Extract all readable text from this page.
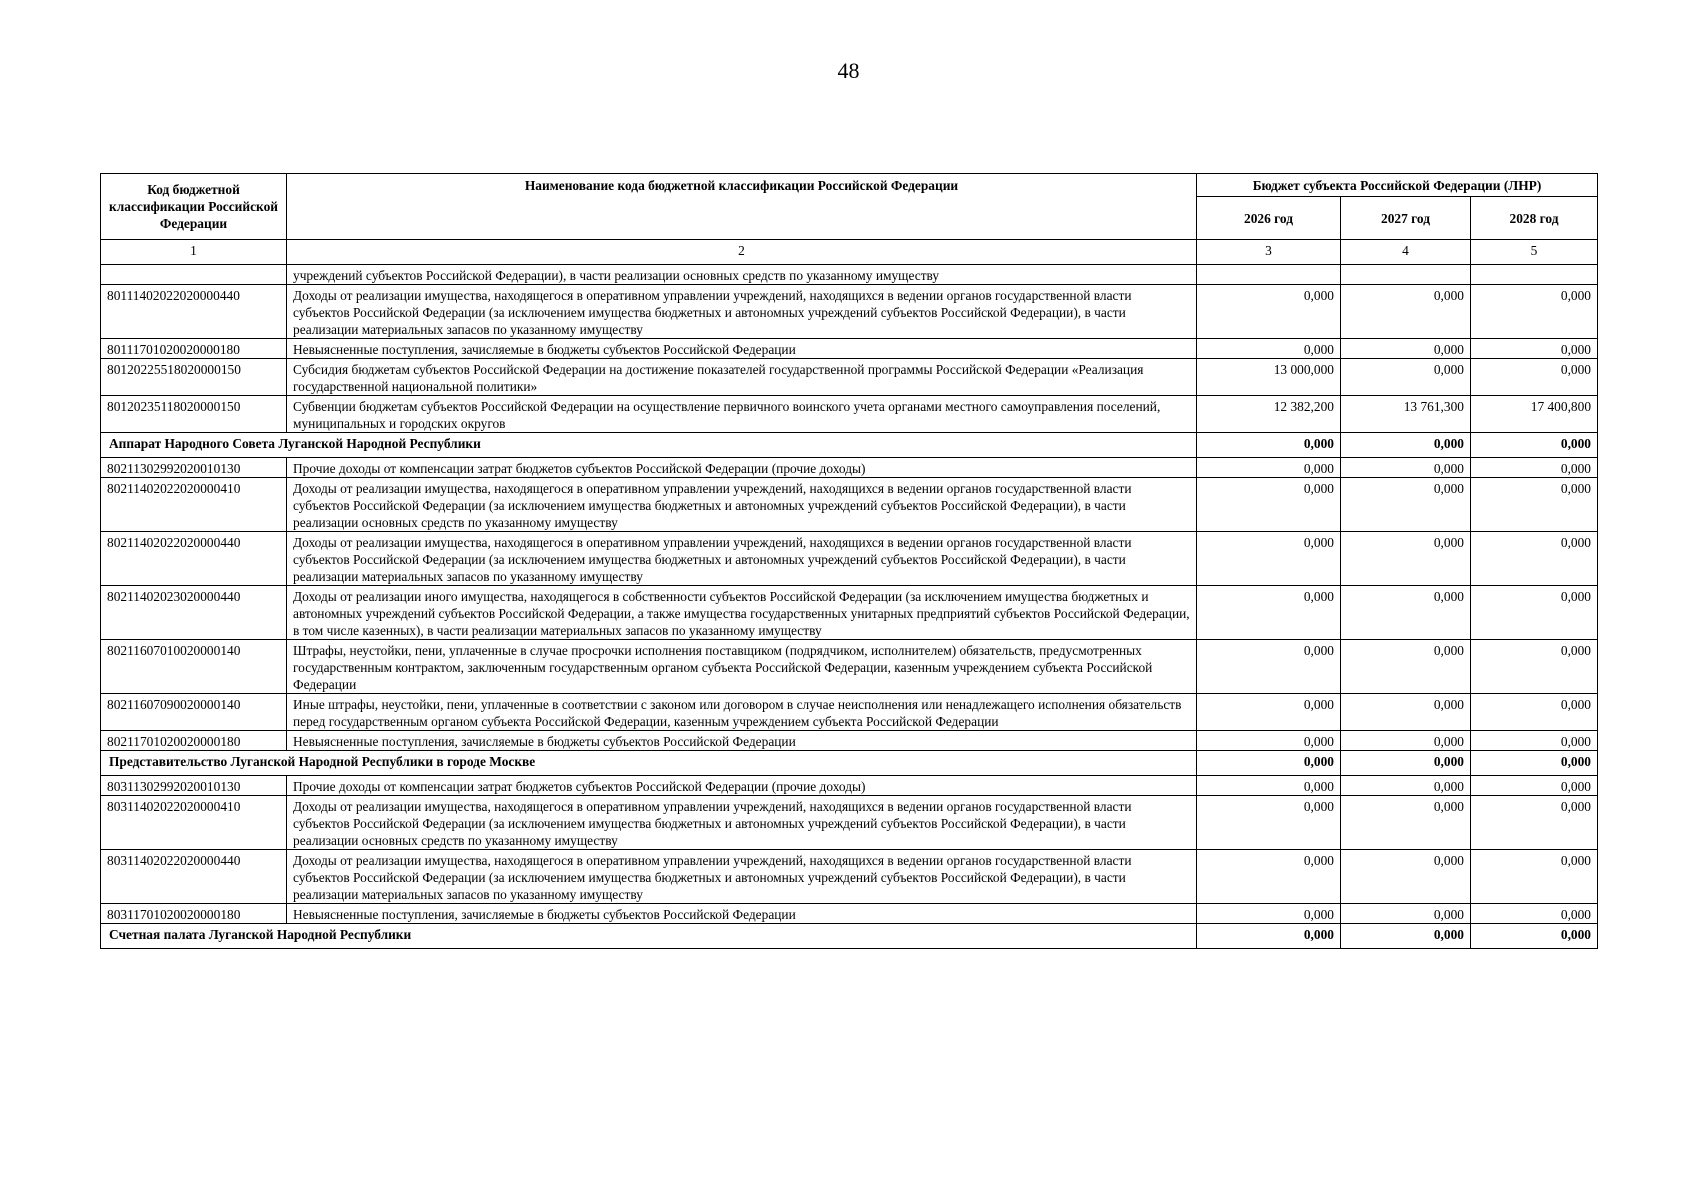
48
Код бюджетной классификации Российской Федерации	Наименование кода бюджетной классификации Российской Федерации	Бюджет субъекта Российской Федерации (ЛНР)		
		2026 год	2027 год	2028 год
1	2	3	4	5
	учреждений субъектов Российской Федерации), в части реализации основных средств по указанному имуществу			
80111402022020000440	Доходы от реализации имущества, находящегося в оперативном управлении учреждений, находящихся в ведении органов государственной власти субъектов Российской Федерации (за исключением имущества бюджетных и автономных учреждений субъектов Российской Федерации), в части реализации материальных запасов по указанному имуществу	0,000	0,000	0,000
80111701020020000180	Невыясненные поступления, зачисляемые в бюджеты субъектов Российской Федерации	0,000	0,000	0,000
80120225518020000150	Субсидия бюджетам субъектов Российской Федерации на достижение показателей государственной программы Российской Федерации «Реализация государственной национальной политики»	13 000,000	0,000	0,000
80120235118020000150	Субвенции бюджетам субъектов Российской Федерации на осуществление первичного воинского учета органами местного самоуправления поселений, муниципальных и городских округов	12 382,200	13 761,300	17 400,800
Аппарат Народного Совета Луганской Народной Республики		0,000	0,000	0,000
80211302992020010130	Прочие доходы от компенсации затрат бюджетов субъектов Российской Федерации (прочие доходы)	0,000	0,000	0,000
80211402022020000410	Доходы от реализации имущества, находящегося в оперативном управлении учреждений, находящихся в ведении органов государственной власти субъектов Российской Федерации (за исключением имущества бюджетных и автономных учреждений субъектов Российской Федерации), в части реализации основных средств по указанному имуществу	0,000	0,000	0,000
80211402022020000440	Доходы от реализации имущества, находящегося в оперативном управлении учреждений, находящихся в ведении органов государственной власти субъектов Российской Федерации (за исключением имущества бюджетных и автономных учреждений субъектов Российской Федерации), в части реализации материальных запасов по указанному имуществу	0,000	0,000	0,000
80211402023020000440	Доходы от реализации иного имущества, находящегося в собственности субъектов Российской Федерации (за исключением имущества бюджетных и автономных учреждений субъектов Российской Федерации, а также имущества государственных унитарных предприятий субъектов Российской Федерации, в том числе казенных), в части реализации материальных запасов по указанному имуществу	0,000	0,000	0,000
80211607010020000140	Штрафы, неустойки, пени, уплаченные в случае просрочки исполнения поставщиком (подрядчиком, исполнителем) обязательств, предусмотренных государственным контрактом, заключенным государственным органом субъекта Российской Федерации, казенным учреждением субъекта Российской Федерации	0,000	0,000	0,000
80211607090020000140	Иные штрафы, неустойки, пени, уплаченные в соответствии с законом или договором в случае неисполнения или ненадлежащего исполнения обязательств перед государственным органом субъекта Российской Федерации, казенным учреждением субъекта Российской Федерации	0,000	0,000	0,000
80211701020020000180	Невыясненные поступления, зачисляемые в бюджеты субъектов Российской Федерации	0,000	0,000	0,000
Представительство Луганской Народной Республики в городе Москве		0,000	0,000	0,000
80311302992020010130	Прочие доходы от компенсации затрат бюджетов субъектов Российской Федерации (прочие доходы)	0,000	0,000	0,000
80311402022020000410	Доходы от реализации имущества, находящегося в оперативном управлении учреждений, находящихся в ведении органов государственной власти субъектов Российской Федерации (за исключением имущества бюджетных и автономных учреждений субъектов Российской Федерации), в части реализации основных средств по указанному имуществу	0,000	0,000	0,000
80311402022020000440	Доходы от реализации имущества, находящегося в оперативном управлении учреждений, находящихся в ведении органов государственной власти субъектов Российской Федерации (за исключением имущества бюджетных и автономных учреждений субъектов Российской Федерации), в части реализации материальных запасов по указанному имуществу	0,000	0,000	0,000
80311701020020000180	Невыясненные поступления, зачисляемые в бюджеты субъектов Российской Федерации	0,000	0,000	0,000
Счетная палата Луганской Народной Республики		0,000	0,000	0,000
